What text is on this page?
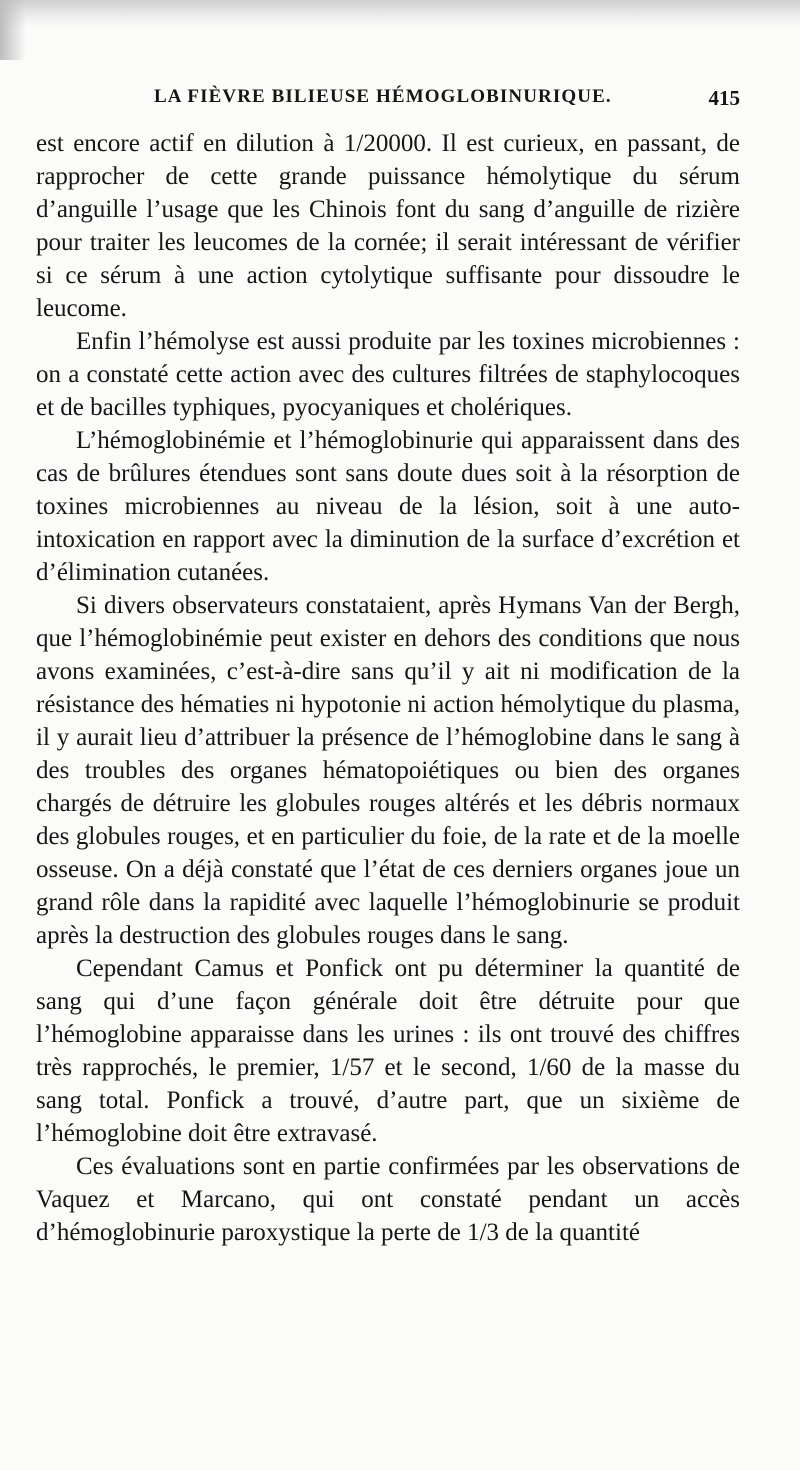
LA FIÈVRE BILIEUSE HÉMOGLOBINURIQUE.	415

est encore actif en dilution à 1/20000. Il est curieux, en passant, de rapprocher de cette grande puissance hémolytique du sérum d’anguille l’usage que les Chinois font du sang d’anguille de rizière pour traiter les leucomes de la cornée; il serait intéressant de vérifier si ce sérum à une action cytolytique suffisante pour dissoudre le leucome.

Enfin l’hémolyse est aussi produite par les toxines microbiennes : on a constaté cette action avec des cultures filtrées de staphylocoques et de bacilles typhiques, pyocyaniques et cholériques.

L’hémoglobinémie et l’hémoglobinurie qui apparaissent dans des cas de brûlures étendues sont sans doute dues soit à la résorption de toxines microbiennes au niveau de la lésion, soit à une auto-intoxication en rapport avec la diminution de la surface d’excrétion et d’élimination cutanées.

Si divers observateurs constataient, après Hymans Van der Bergh, que l’hémoglobinémie peut exister en dehors des conditions que nous avons examinées, c’est-à-dire sans qu’il y ait ni modification de la résistance des hématies ni hypotonie ni action hémolytique du plasma, il y aurait lieu d’attribuer la présence de l’hémoglobine dans le sang à des troubles des organes hématopoiétiques ou bien des organes chargés de détruire les globules rouges altérés et les débris normaux des globules rouges, et en particulier du foie, de la rate et de la moelle osseuse. On a déjà constaté que l’état de ces derniers organes joue un grand rôle dans la rapidité avec laquelle l’hémoglobinurie se produit après la destruction des globules rouges dans le sang.

Cependant Camus et Ponfick ont pu déterminer la quantité de sang qui d’une façon générale doit être détruite pour que l’hémoglobine apparaisse dans les urines : ils ont trouvé des chiffres très rapprochés, le premier, 1/57 et le second, 1/60 de la masse du sang total. Ponfick a trouvé, d’autre part, que un sixième de l’hémoglobine doit être extravasé.

Ces évaluations sont en partie confirmées par les observations de Vaquez et Marcano, qui ont constaté pendant un accès d’hémoglobinurie paroxystique la perte de 1/3 de la quantité
